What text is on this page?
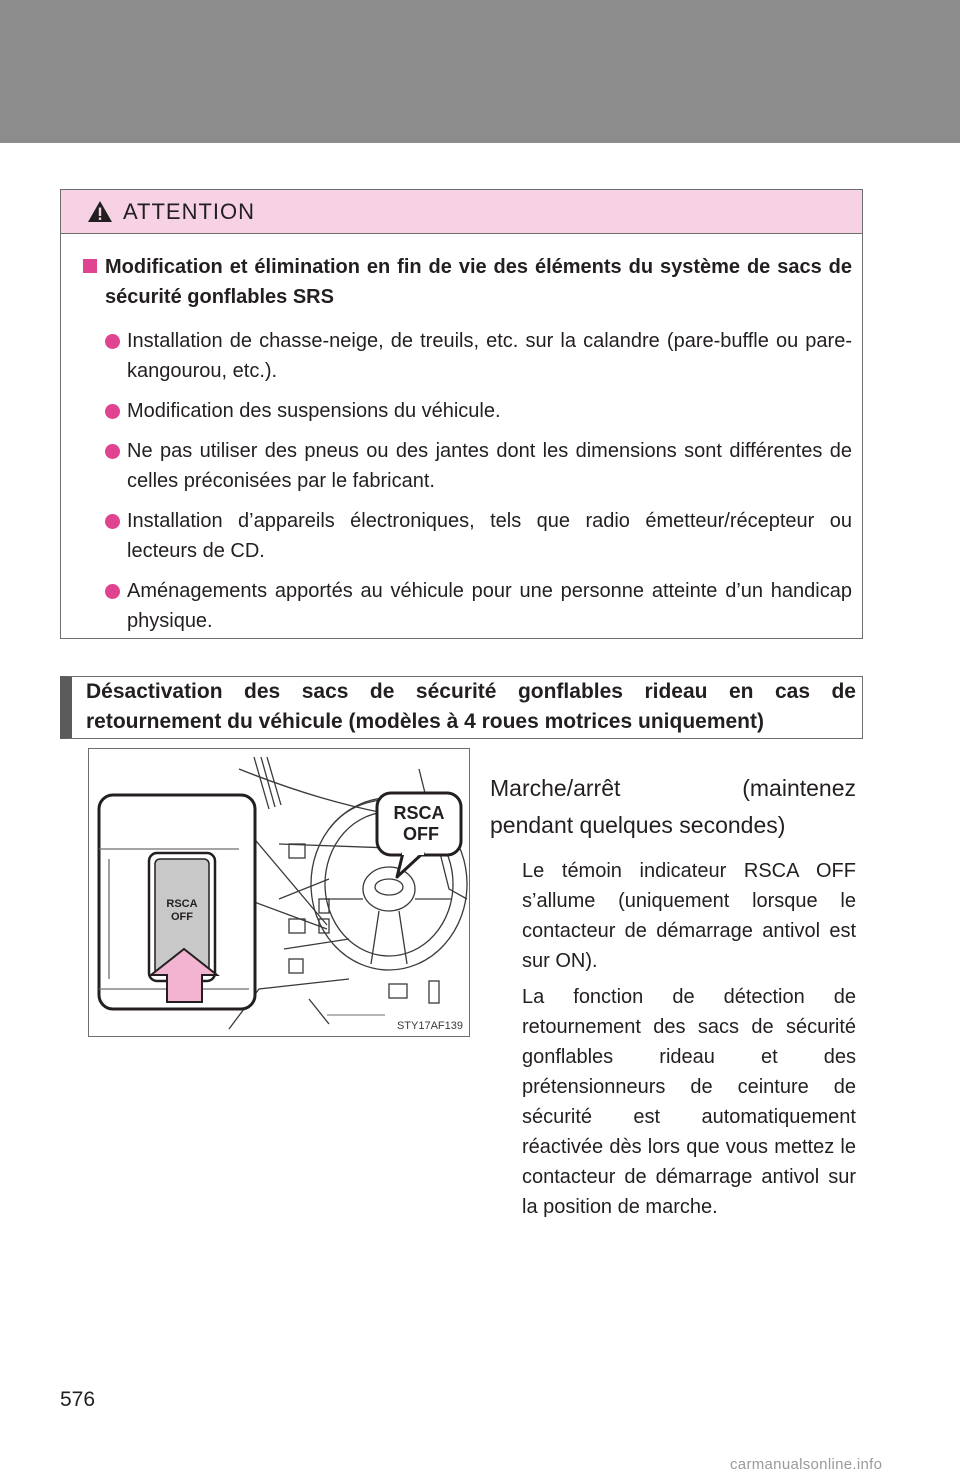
ATTENTION

Modification et élimination en fin de vie des éléments du système de sacs de sécurité gonflables SRS

Installation de chasse-neige, de treuils, etc. sur la calandre (pare-buffle ou pare-kangourou, etc.).
Modification des suspensions du véhicule.
Ne pas utiliser des pneus ou des jantes dont les dimensions sont différentes de celles préconisées par le fabricant.
Installation d’appareils électroniques, tels que radio émetteur/récepteur ou lecteurs de CD.
Aménagements apportés au véhicule pour une personne atteinte d’un handicap physique.
Désactivation des sacs de sécurité gonflables rideau en cas de
retournement du véhicule (modèles à 4 roues motrices uniquement)
RSCA
OFF
RSCA
OFF
STY17AF139
Marche/arrêt (maintenez
pendant quelques secondes)
Le témoin indicateur RSCA OFF s’allume (uniquement lorsque le contacteur de démarrage antivol est sur ON).
La fonction de détection de retournement des sacs de sécurité gonflables rideau et des prétensionneurs de ceinture de sécurité est automatiquement réactivée dès lors que vous mettez le contacteur de démarrage antivol sur la position de marche.
576
carmanualsonline.info
